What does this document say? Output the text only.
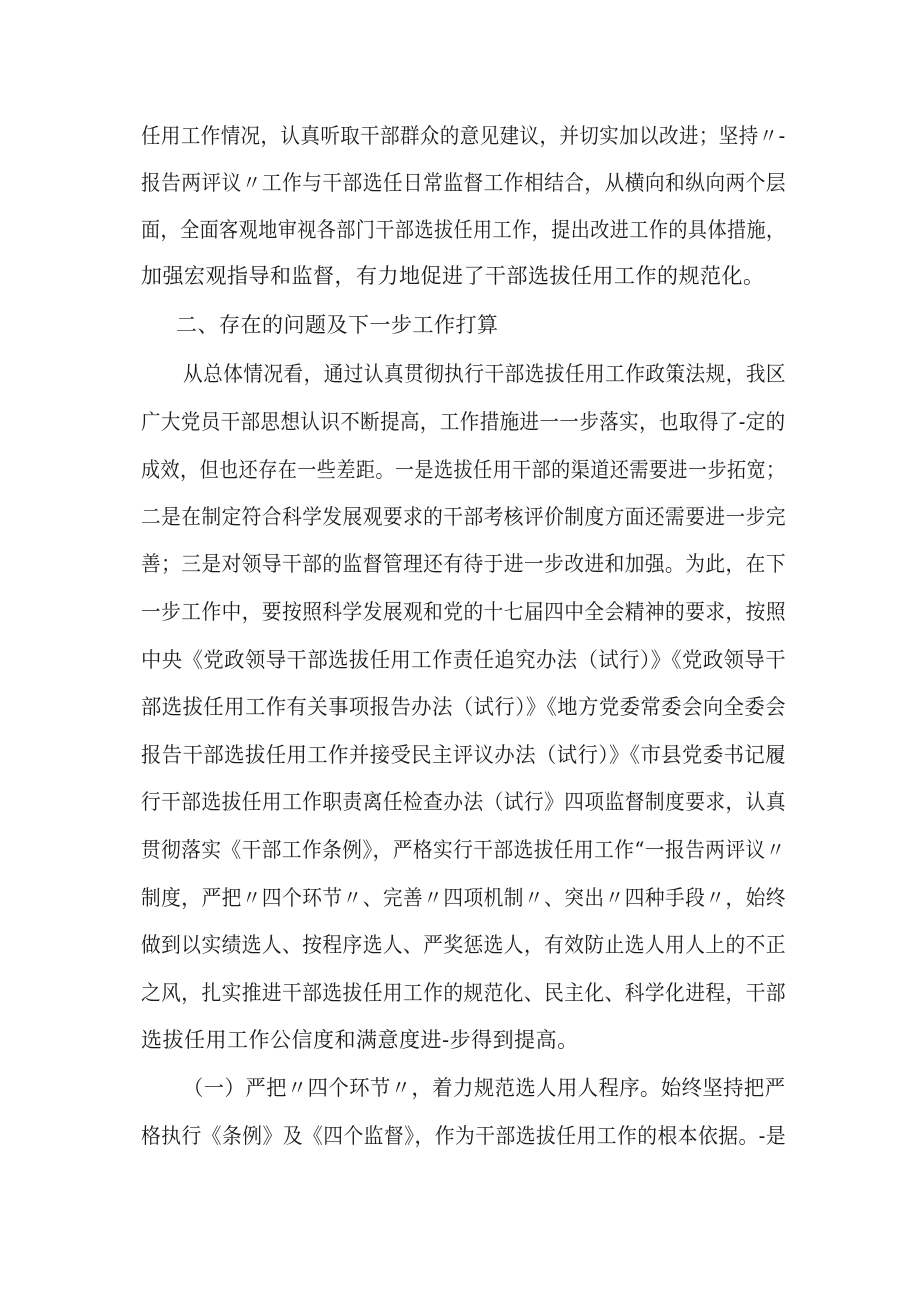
任用工作情况，认真听取干部群众的意见建议，并切实加以改进；坚持〃-
报告两评议〃工作与干部选任日常监督工作相结合，从横向和纵向两个层
面，全面客观地审视各部门干部选拔任用工作，提出改进工作的具体措施，
加强宏观指导和监督，有力地促进了干部选拔任用工作的规范化。
二、存在的问题及下一步工作打算
从总体情况看，通过认真贯彻执行干部选拔任用工作政策法规，我区
广大党员干部思想认识不断提高，工作措施进一一步落实，也取得了-定的
成效，但也还存在一些差距。一是选拔任用干部的渠道还需要进一步拓宽；
二是在制定符合科学发展观要求的干部考核评价制度方面还需要进一步完
善；三是对领导干部的监督管理还有待于进一步改进和加强。为此，在下
一步工作中，要按照科学发展观和党的十七届四中全会精神的要求，按照
中央《党政领导干部选拔任用工作责任追究办法（试行）》《党政领导干
部选拔任用工作有关事项报告办法（试行）》《地方党委常委会向全委会
报告干部选拔任用工作并接受民主评议办法（试行）》《市县党委书记履
行干部选拔任用工作职责离任检查办法（试行》四项监督制度要求，认真
贯彻落实《干部工作条例》，严格实行干部选拔任用工作“一报告两评议〃
制度，严把〃四个环节〃、完善〃四项机制〃、突出〃四种手段〃，始终
做到以实绩选人、按程序选人、严奖惩选人，有效防止选人用人上的不正
之风，扎实推进干部选拔任用工作的规范化、民主化、科学化进程，干部
选拔任用工作公信度和满意度进-步得到提高。
（一）严把〃四个环节〃，着力规范选人用人程序。始终坚持把严
格执行《条例》及《四个监督》，作为干部选拔任用工作的根本依据。-是
